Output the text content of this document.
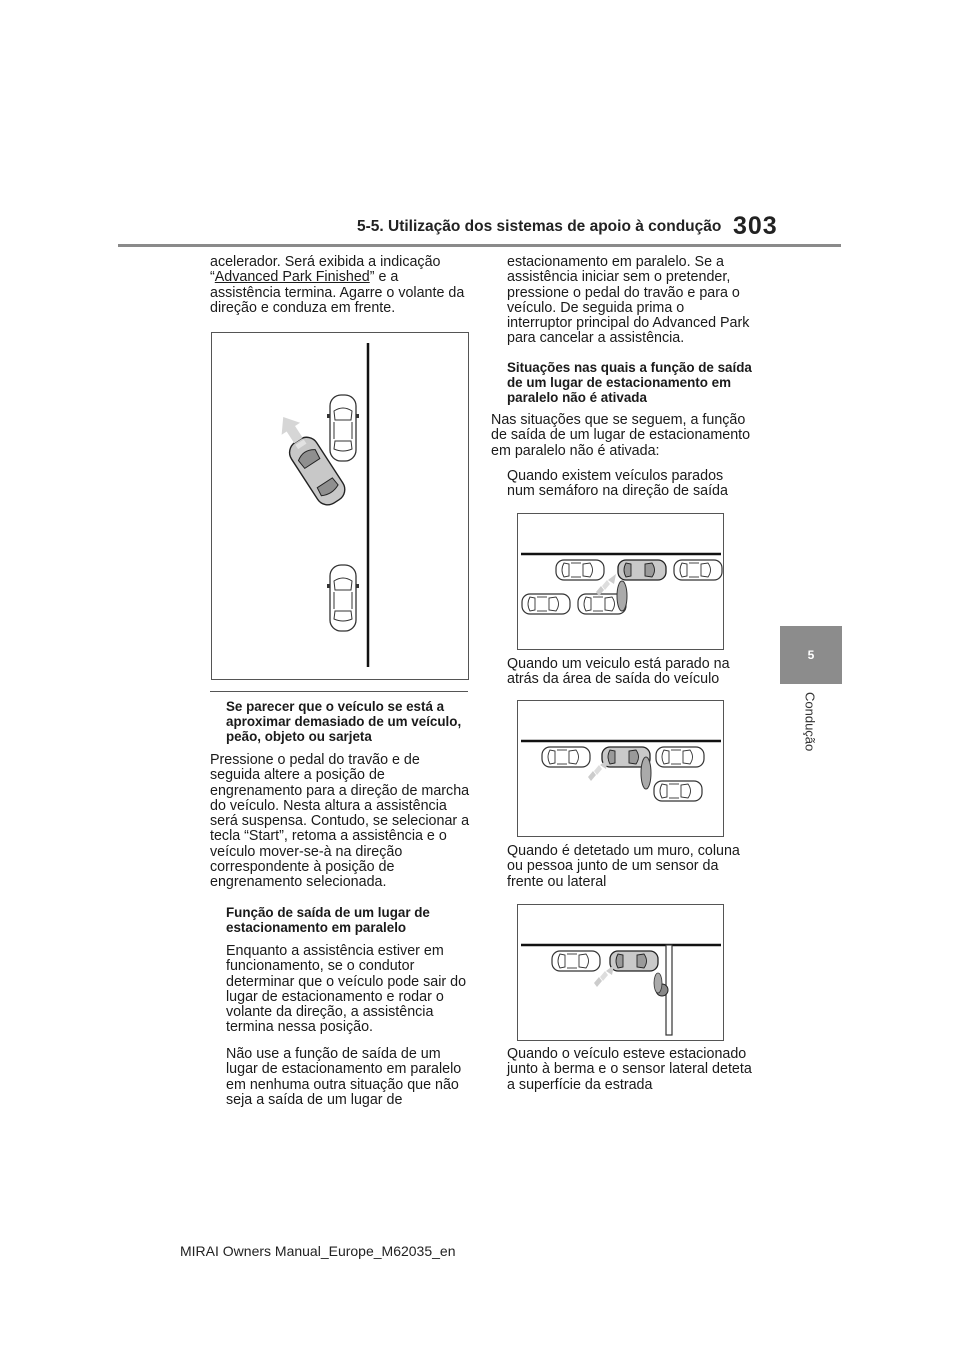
5-5. Utilização dos sistemas de apoio à condução 303
5
Condução
acelerador. Será exibida a indicação “Advanced Park Finished” e a assistência termina. Agarre o volante da direção e conduza em frente.
Se parecer que o veículo se está a aproximar demasiado de um veículo, peão, objeto ou sarjeta
Pressione o pedal do travão e de seguida altere a posição de engrenamento para a direção de marcha do veículo. Nesta altura a assistência será suspensa. Contudo, se selecionar a tecla “Start”, retoma a assistência e o veículo mover-se-à na direção correspondente à posição de engrenamento selecionada.
Função de saída de um lugar de estacionamento em paralelo
Enquanto a assistência estiver em funcionamento, se o condutor determinar que o veículo pode sair do lugar de estacionamento e rodar o volante da direção, a assistência termina nessa posição.
Não use a função de saída de um lugar de estacionamento em paralelo em nenhuma outra situação que não seja a saída de um lugar de
estacionamento em paralelo. Se a assistência iniciar sem o pretender, pressione o pedal do travão e para o veículo. De seguida prima o interruptor principal do Advanced Park para cancelar a assistência.
Situações nas quais a função de saída de um lugar de estacionamento em paralelo não é ativada
Nas situações que se seguem, a função de saída de um lugar de estacionamento em paralelo não é ativada:
Quando existem veículos parados num semáforo na direção de saída
Quando um veiculo está parado na atrás da área de saída do veículo
Quando é detetado um muro, coluna ou pessoa junto de um sensor da frente ou lateral
Quando o veículo esteve estacionado junto à berma e o sensor lateral deteta a superfície da estrada
MIRAI Owners Manual_Europe_M62035_en
